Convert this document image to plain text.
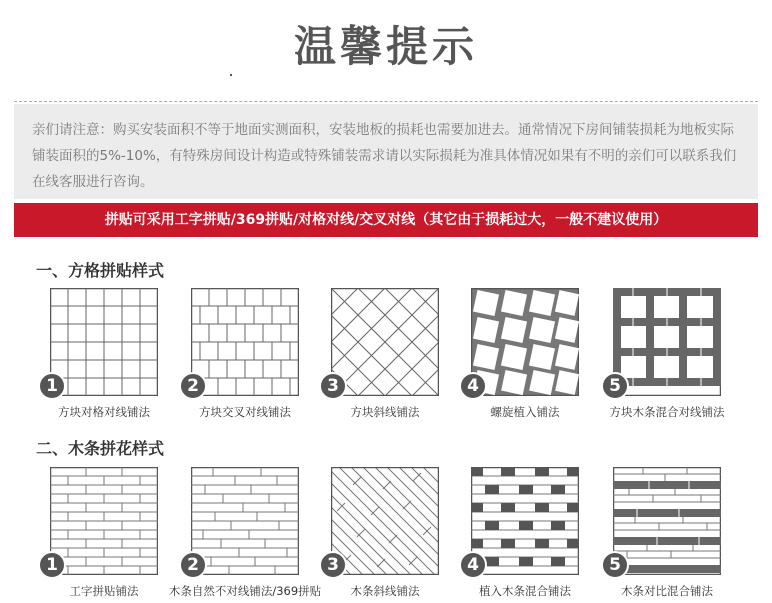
温馨提示
亲们请注意：购买安装面积不等于地面实测面积，安装地板的损耗也需要加进去。通常情况下房间铺装损耗为地板实际铺装面积的5%-10%，有特殊房间设计构造或特殊铺装需求请以实际损耗为准具体情况如果有不明的亲们可以联系我们在线客服进行咨询。
拼贴可采用工字拼贴/369拼贴/对格对线/交叉对线（其它由于损耗过大，一般不建议使用）
一、方格拼贴样式
1
方块对格对线铺法
2
方块交叉对线铺法
3
方块斜线铺法
4
螺旋植入铺法
5
方块木条混合对线铺法
二、木条拼花样式
1
工字拼贴铺法
2
木条自然不对线铺法/369拼贴
3
木条斜线铺法
4
植入木条混合铺法
5
木条对比混合铺法
